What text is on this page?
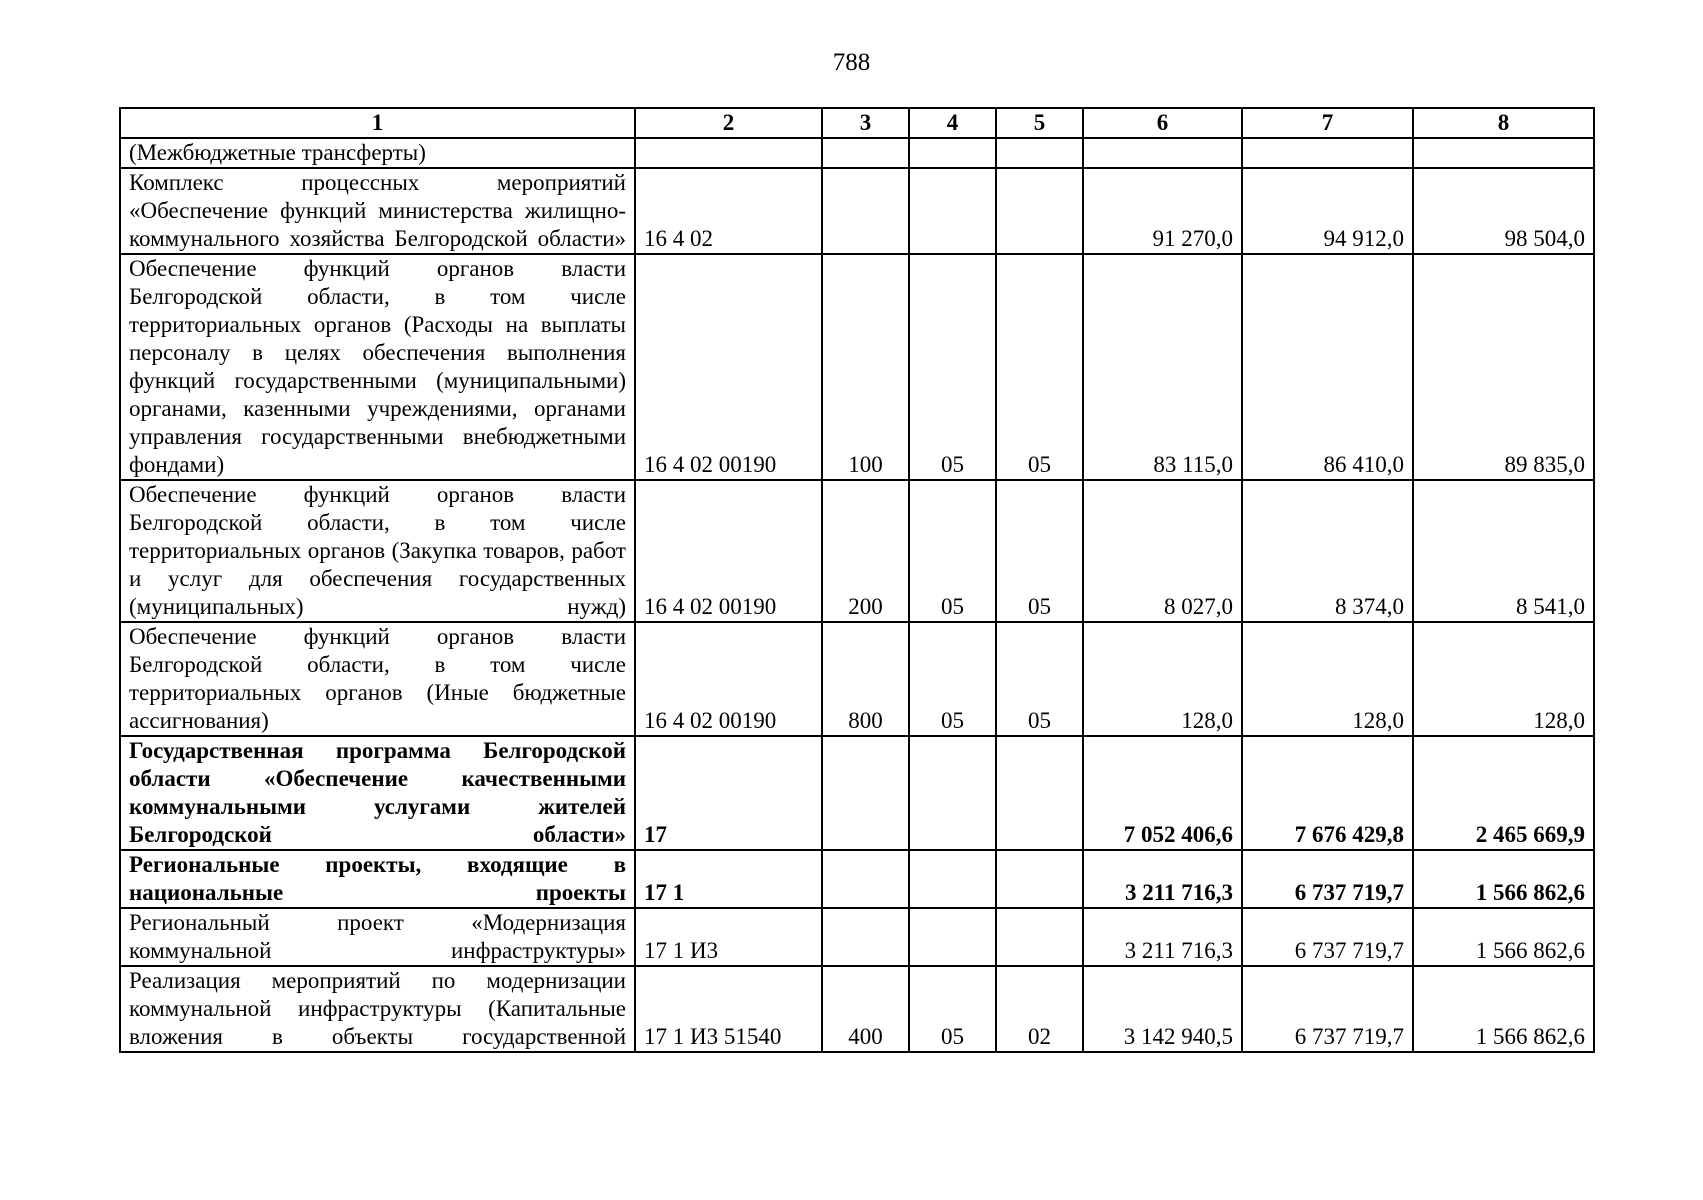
788
1	2	3	4	5	6	7	8
(Межбюджетные трансферты)							
Комплекс процессных мероприятий «Обеспечение функций министерства жилищно-коммунального хозяйства Белгородской области»	16 4 02				91 270,0	94 912,0	98 504,0
Обеспечение функций органов власти Белгородской области, в том числе территориальных органов (Расходы на выплаты персоналу в целях обеспечения выполнения функций государственными (муниципальными) органами, казенными учреждениями, органами управления государственными внебюджетными фондами)	16 4 02 00190	100	05	05	83 115,0	86 410,0	89 835,0
Обеспечение функций органов власти Белгородской области, в том числе территориальных органов (Закупка товаров, работ и услуг для обеспечения государственных (муниципальных) нужд)	16 4 02 00190	200	05	05	8 027,0	8 374,0	8 541,0
Обеспечение функций органов власти Белгородской области, в том числе территориальных органов (Иные бюджетные ассигнования)	16 4 02 00190	800	05	05	128,0	128,0	128,0
Государственная программа Белгородской области «Обеспечение качественными коммунальными услугами жителей Белгородской области»	17				7 052 406,6	7 676 429,8	2 465 669,9
Региональные проекты, входящие в национальные проекты	17 1				3 211 716,3	6 737 719,7	1 566 862,6
Региональный проект «Модернизация коммунальной инфраструктуры»	17 1 И3				3 211 716,3	6 737 719,7	1 566 862,6
Реализация мероприятий по модернизации коммунальной инфраструктуры (Капитальные вложения в объекты государственной	17 1 И3 51540	400	05	02	3 142 940,5	6 737 719,7	1 566 862,6
